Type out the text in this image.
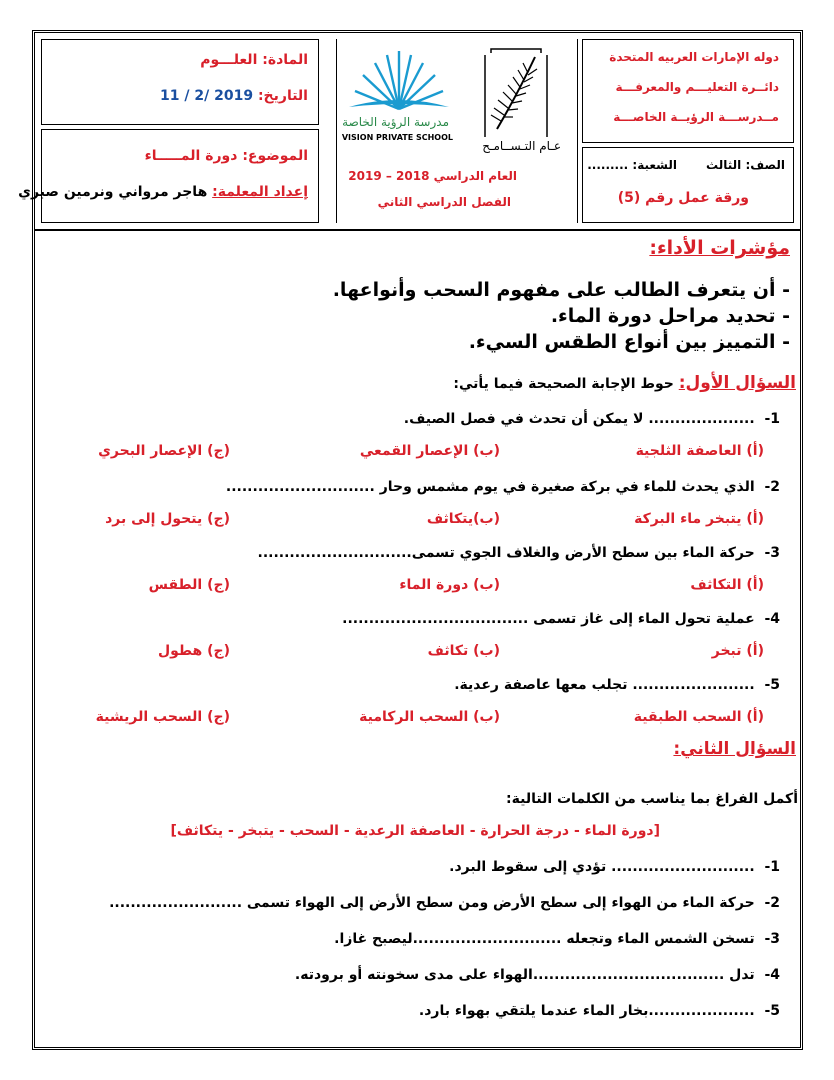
دوله الإمارات العربيه المتحدة
دائــرة التعليـــم والمعرفـــة
مــدرســـة الرؤيــة الخاصـــة
الصف: الثالث
الشعبة: .........
ورقة عمل رقم (5)
عـام التـســامـح
مدرسة الرؤية الخاصة
VISION PRIVATE SCHOOL
العام الدراسي 2018 – 2019
الفصل الدراسي الثاني
المادة: العلـــوم
التاريخ: 11 / 2/ 2019
الموضوع: دورة المـــــاء
إعداد المعلمة: هاجر مرواني ونرمين صبري
مؤشرات الأداء:
- أن يتعرف الطالب على مفهوم السحب وأنواعها.
- تحديد مراحل دورة الماء.
- التمييز بين أنواع الطقس السيء.
السؤال الأول: حوط الإجابة الصحيحة فيما يأتي:
1-  .................... لا يمكن أن تحدث في فصل الصيف.
(أ) العاصفة الثلجية
(ب) الإعصار القمعي
(ج) الإعصار البحري
2-  الذي يحدث للماء في بركة صغيرة في يوم مشمس وحار ............................
(أ) يتبخر ماء البركة
(ب)يتكاثف
(ج) يتحول إلى برد
3-  حركة الماء بين سطح الأرض والغلاف الجوي تسمى.............................
(أ) التكاثف
(ب) دورة الماء
(ج) الطقس
4-  عملية تحول الماء إلى غاز تسمى ...................................
(أ) تبخر
(ب) تكاثف
(ج) هطول
5-  ....................... تجلب معها عاصفة رعدية.
(أ) السحب الطبقية
(ب) السحب الركامية
(ج) السحب الريشية
السؤال الثاني:
أكمل الفراغ بما يناسب من الكلمات التالية:
[دورة الماء - درجة الحرارة - العاصفة الرعدية - السحب - يتبخر - يتكاثف]
1-  ........................... تؤدي إلى سقوط البرد.
2-  حركة الماء من الهواء إلى سطح الأرض ومن سطح الأرض إلى الهواء تسمى .........................
3-  تسخن الشمس الماء وتجعله ............................ليصبح غازا.
4-  تدل ....................................الهواء على مدى سخونته أو برودته.
5-  ....................بخار الماء عندما يلتقي بهواء بارد.
